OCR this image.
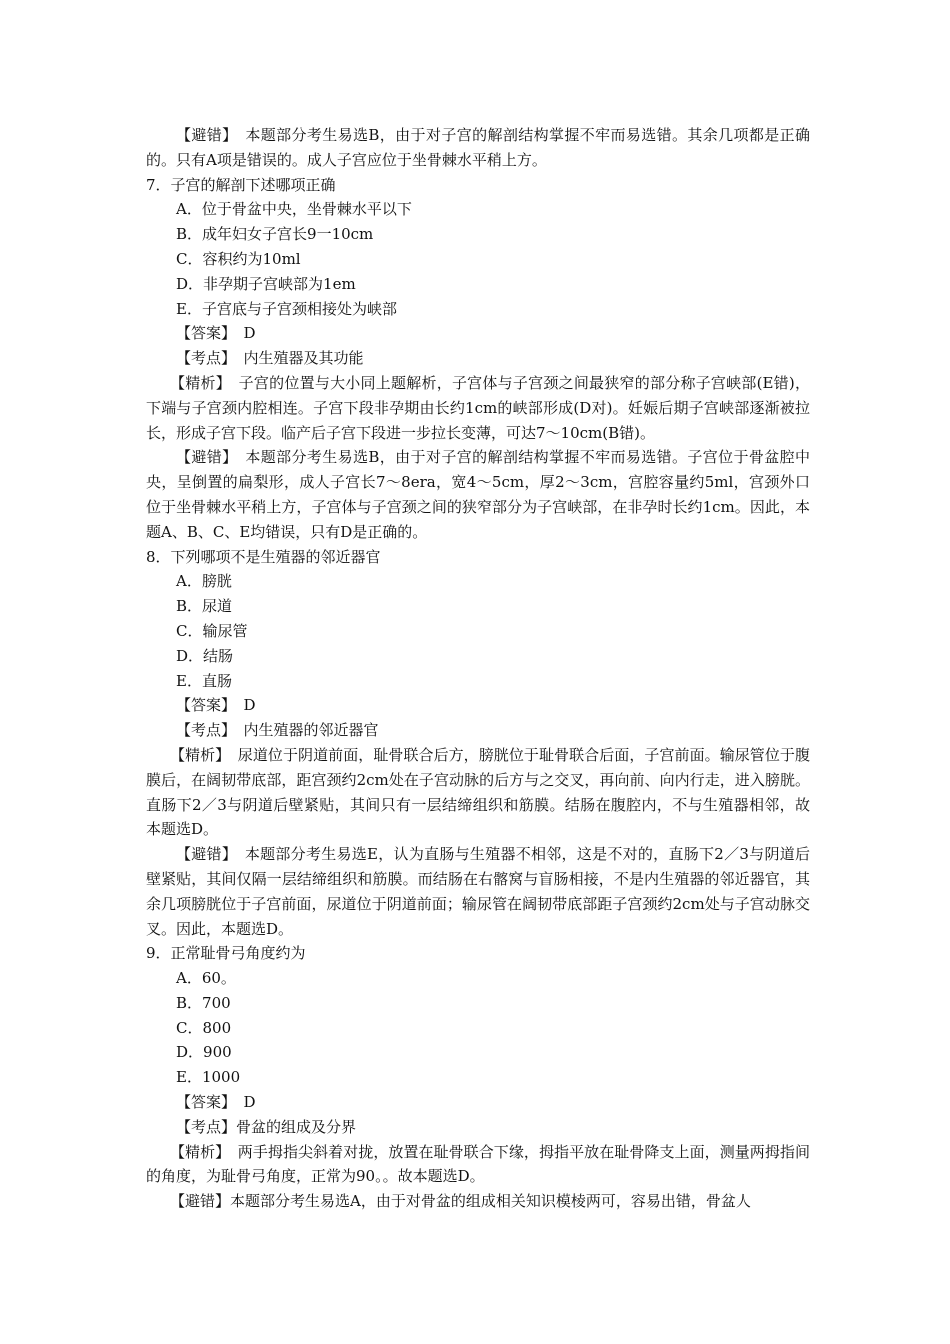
【避错】　本题部分考生易选B，由于对子宫的解剖结构掌握不牢而易选错。其余几项都是正确的。只有A项是错误的。成人子宫应位于坐骨棘水平稍上方。
7．子宫的解剖下述哪项正确
A．位于骨盆中央，坐骨棘水平以下
B．成年妇女子宫长9一10cm
C．容积约为10ml
D．非孕期子宫峡部为1em
E．子宫底与子宫颈相接处为峡部
【答案】　D
【考点】　内生殖器及其功能
【精析】　子宫的位置与大小同上题解析，子宫体与子宫颈之间最狭窄的部分称子宫峡部(E错)，下端与子宫颈内腔相连。子宫下段非孕期由长约1cm的峡部形成(D对)。妊娠后期子宫峡部逐渐被拉长，形成子宫下段。临产后子宫下段进一步拉长变薄，可达7～10cm(B错)。
【避错】　本题部分考生易选B，由于对子宫的解剖结构掌握不牢而易选错。子宫位于骨盆腔中央，呈倒置的扁梨形，成人子宫长7～8era，宽4～5cm，厚2～3cm，宫腔容量约5ml，宫颈外口位于坐骨棘水平稍上方，子宫体与子宫颈之间的狭窄部分为子宫峡部，在非孕时长约1cm。因此，本题A、B、C、E均错误，只有D是正确的。
8．下列哪项不是生殖器的邻近器官
A．膀胱
B．尿道
C．输尿管
D．结肠
E．直肠
【答案】　D
【考点】　内生殖器的邻近器官
【精析】　尿道位于阴道前面，耻骨联合后方，膀胱位于耻骨联合后面，子宫前面。输尿管位于腹膜后，在阔韧带底部，距宫颈约2cm处在子宫动脉的后方与之交叉，再向前、向内行走，进入膀胱。直肠下2／3与阴道后壁紧贴，其间只有一层结缔组织和筋膜。结肠在腹腔内，不与生殖器相邻，故本题选D。
【避错】　本题部分考生易选E，认为直肠与生殖器不相邻，这是不对的，直肠下2／3与阴道后壁紧贴，其间仅隔一层结缔组织和筋膜。而结肠在右髂窝与盲肠相接，不是内生殖器的邻近器官，其余几项膀胱位于子宫前面，尿道位于阴道前面；输尿管在阔韧带底部距子宫颈约2cm处与子宫动脉交叉。因此，本题选D。
9．正常耻骨弓角度约为
A．60。
B．700
C．800
D．900
E．1000
【答案】　D
【考点】骨盆的组成及分界
【精析】　两手拇指尖斜着对拢，放置在耻骨联合下缘，拇指平放在耻骨降支上面，测量两拇指间的角度，为耻骨弓角度，正常为90。。故本题选D。
【避错】本题部分考生易选A，由于对骨盆的组成相关知识模棱两可，容易出错，骨盆人
